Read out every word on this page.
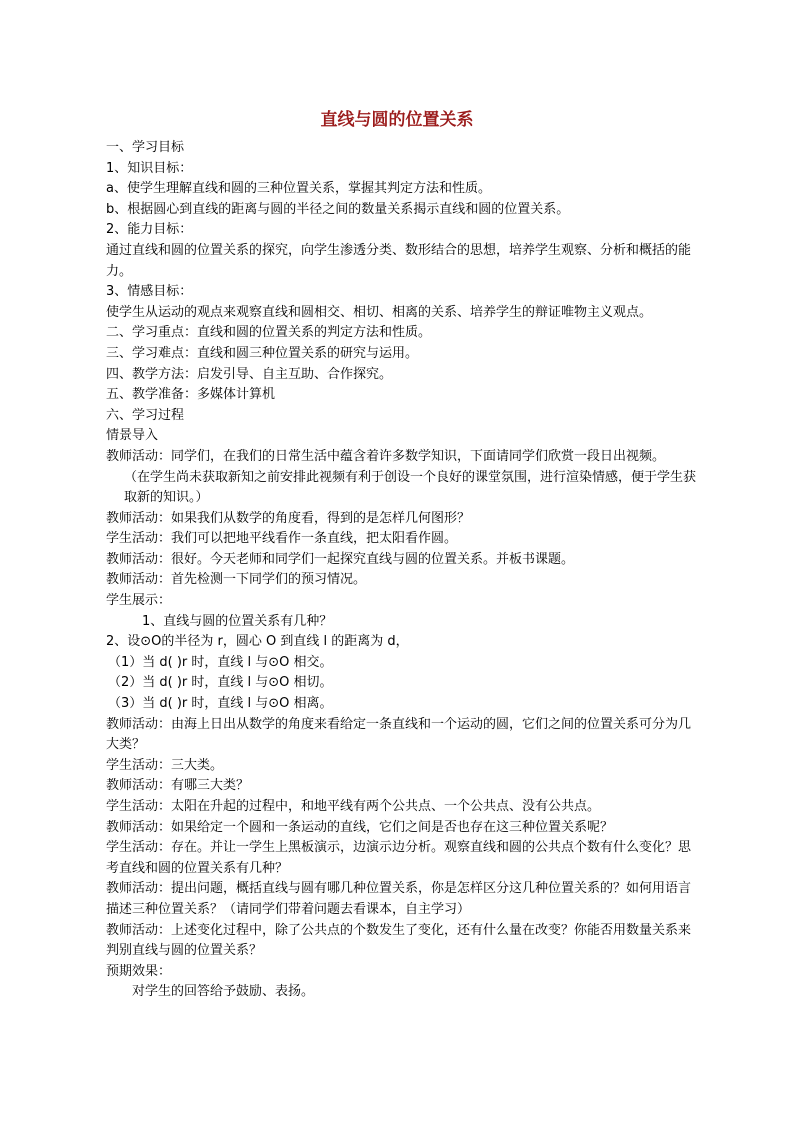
直线与圆的位置关系
一、学习目标
1、知识目标：
a、使学生理解直线和圆的三种位置关系，掌握其判定方法和性质。
b、根据圆心到直线的距离与圆的半径之间的数量关系揭示直线和圆的位置关系。
2、能力目标：
通过直线和圆的位置关系的探究，向学生渗透分类、数形结合的思想，培养学生观察、分析和概括的能力。
3、情感目标：
使学生从运动的观点来观察直线和圆相交、相切、相离的关系、培养学生的辩证唯物主义观点。
二、学习重点：直线和圆的位置关系的判定方法和性质。
三、学习难点：直线和圆三种位置关系的研究与运用。
四、教学方法：启发引导、自主互助、合作探究。
五、教学准备：多媒体计算机
六、学习过程
情景导入
教师活动：同学们，在我们的日常生活中蕴含着许多数学知识，下面请同学们欣赏一段日出视频。
（在学生尚未获取新知之前安排此视频有利于创设一个良好的课堂氛围，进行渲染情感，便于学生获取新的知识。）
教师活动：如果我们从数学的角度看，得到的是怎样几何图形？
学生活动：我们可以把地平线看作一条直线，把太阳看作圆。
教师活动：很好。今天老师和同学们一起探究直线与圆的位置关系。并板书课题。
教师活动：首先检测一下同学们的预习情况。
学生展示：
1、直线与圆的位置关系有几种？
2、设⊙O的半径为 r，圆心 O 到直线 l 的距离为 d，
（1）当 d( )r 时，直线 l 与⊙O 相交。
（2）当 d( )r 时，直线 l 与⊙O 相切。
（3）当 d( )r 时，直线 l 与⊙O 相离。
教师活动：由海上日出从数学的角度来看给定一条直线和一个运动的圆，它们之间的位置关系可分为几大类？
学生活动：三大类。
教师活动：有哪三大类？
学生活动：太阳在升起的过程中，和地平线有两个公共点、一个公共点、没有公共点。
教师活动：如果给定一个圆和一条运动的直线，它们之间是否也存在这三种位置关系呢？
学生活动：存在。并让一学生上黑板演示，边演示边分析。观察直线和圆的公共点个数有什么变化？思考直线和圆的位置关系有几种？
教师活动：提出问题，概括直线与圆有哪几种位置关系，你是怎样区分这几种位置关系的？如何用语言描述三种位置关系？（请同学们带着问题去看课本，自主学习）
教师活动：上述变化过程中，除了公共点的个数发生了变化，还有什么量在改变？你能否用数量关系来判别直线与圆的位置关系？
预期效果：
对学生的回答给予鼓励、表扬。
